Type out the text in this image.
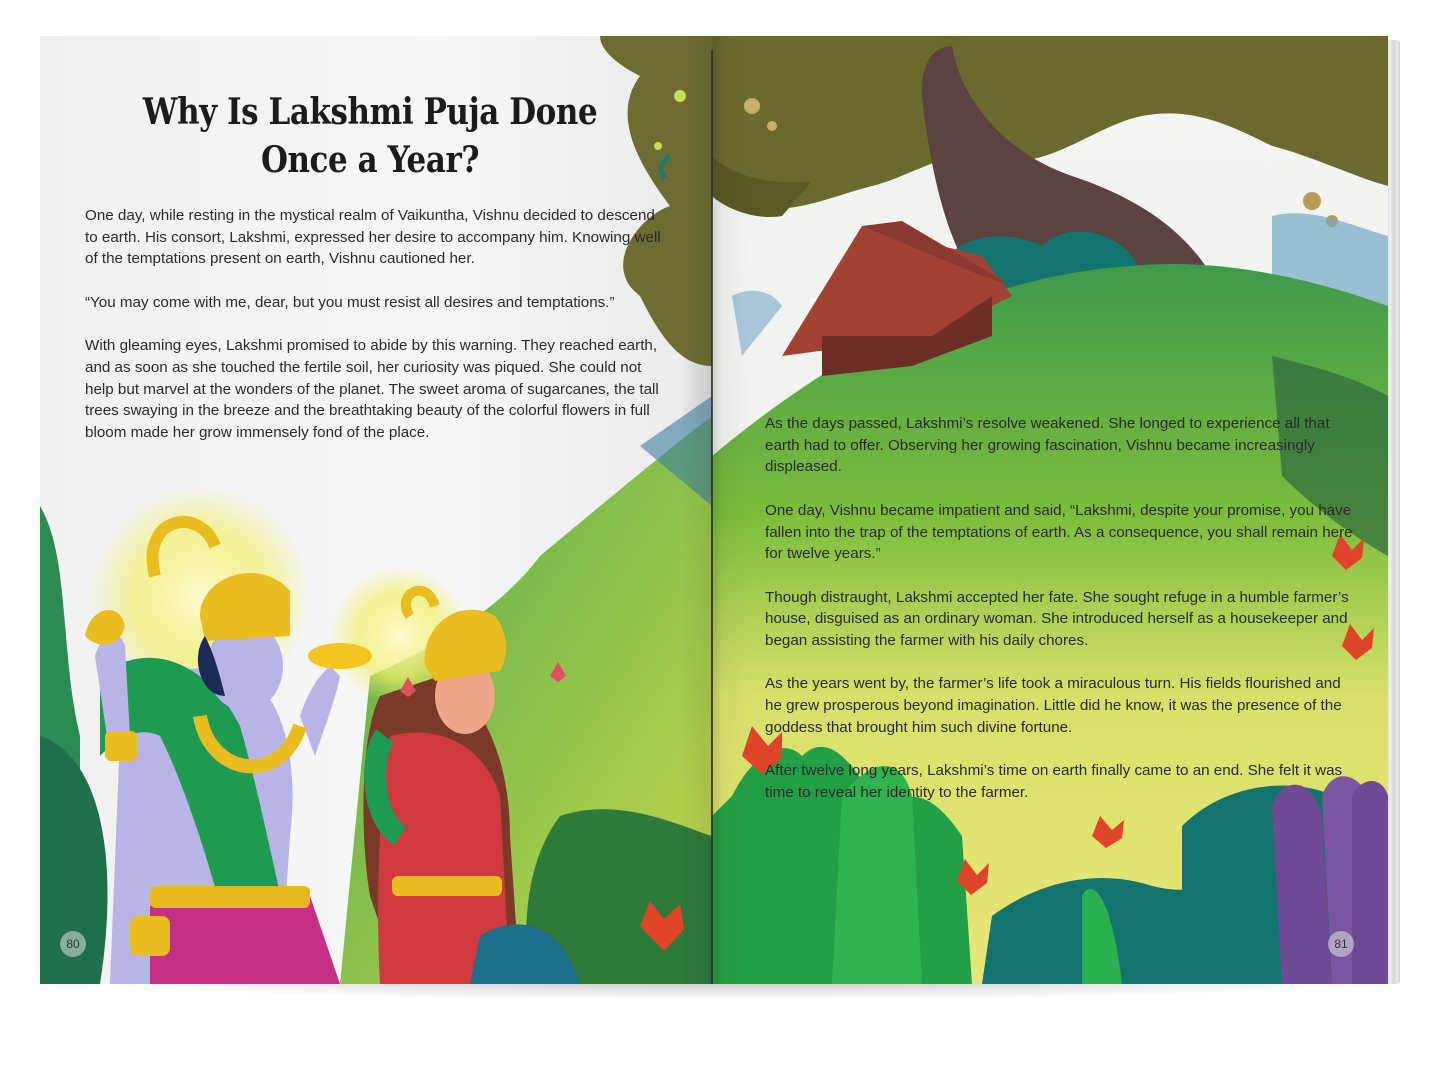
Why Is Lakshmi Puja Done
Once a Year?

One day, while resting in the mystical realm of Vaikuntha, Vishnu decided to descend to earth. His consort, Lakshmi, expressed her desire to accompany him. Knowing well of the temptations present on earth, Vishnu cautioned her.

“You may come with me, dear, but you must resist all desires and temptations.”

With gleaming eyes, Lakshmi promised to abide by this warning. They reached earth, and as soon as she touched the fertile soil, her curiosity was piqued. She could not help but marvel at the wonders of the planet. The sweet aroma of sugarcanes, the tall trees swaying in the breeze and the breathtaking beauty of the colorful flowers in full bloom made her grow immensely fond of the place.

80

As the days passed, Lakshmi’s resolve weakened. She longed to experience all that earth had to offer. Observing her growing fascination, Vishnu became increasingly displeased.

One day, Vishnu became impatient and said, “Lakshmi, despite your promise, you have fallen into the trap of the temptations of earth. As a consequence, you shall remain here for twelve years.”

Though distraught, Lakshmi accepted her fate. She sought refuge in a humble farmer’s house, disguised as an ordinary woman. She introduced herself as a housekeeper and began assisting the farmer with his daily chores.

As the years went by, the farmer’s life took a miraculous turn. His fields flourished and he grew prosperous beyond imagination. Little did he know, it was the presence of the goddess that brought him such divine fortune.

After twelve long years, Lakshmi’s time on earth finally came to an end. She felt it was time to reveal her identity to the farmer.

81
